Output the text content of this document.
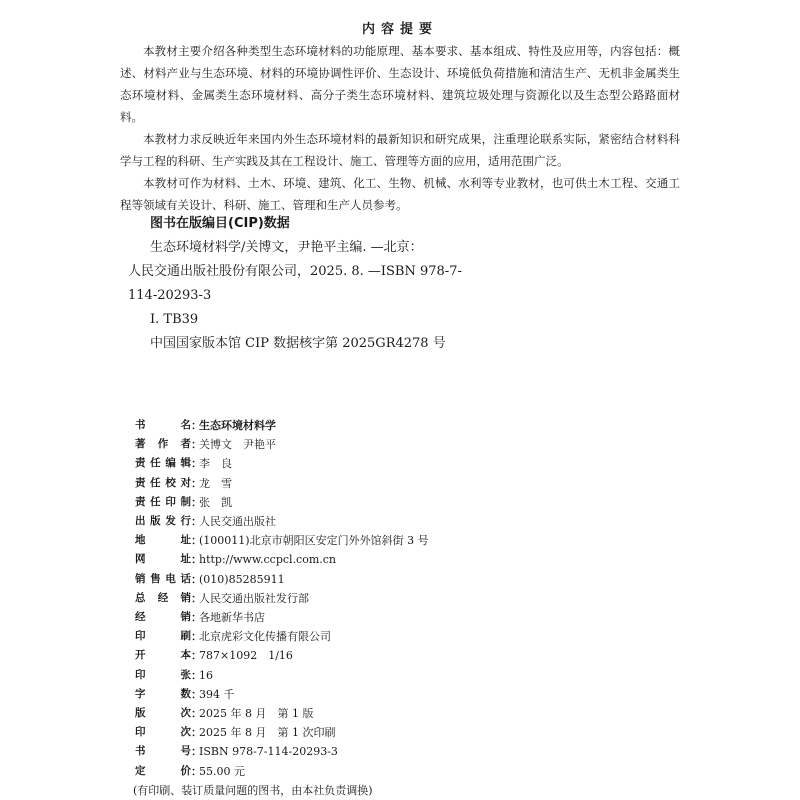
内容提要

本教材主要介绍各种类型生态环境材料的功能原理、基本要求、基本组成、特性及应用等，内容包括：概述、材料产业与生态环境、材料的环境协调性评价、生态设计、环境低负荷措施和清洁生产、无机非金属类生态环境材料、金属类生态环境材料、高分子类生态环境材料、建筑垃圾处理与资源化以及生态型公路路面材料。

本教材力求反映近年来国内外生态环境材料的最新知识和研究成果，注重理论联系实际，紧密结合材料科学与工程的科研、生产实践及其在工程设计、施工、管理等方面的应用，适用范围广泛。

本教材可作为材料、土木、环境、建筑、化工、生物、机械、水利等专业教材，也可供土木工程、交通工程等领域有关设计、科研、施工、管理和生产人员参考。

图书在版编目(CIP)数据
生态环境材料学/关博文，尹艳平主编. —北京：
人民交通出版社股份有限公司，2025. 8. —ISBN 978-7-
114-20293-3
Ⅰ. TB39
中国国家版本馆 CIP 数据核字第 2025GR4278 号
书	名 ：
生态环境材料学
著 作 者 ：
关博文　尹艳平
责 任 编 辑 ：
李　良
责 任 校 对 ：
龙　雪
责 任 印 制 ：
张　凯
出 版 发 行 ：
人民交通出版社
地	址 ：
(100011)北京市朝阳区安定门外外馆斜街 3 号
网	址 ：
http://www.ccpcl.com.cn
销 售 电 话 ：
(010)85285911
总 经 销 ：
人民交通出版社发行部
经	销 ：
各地新华书店
印	刷 ：
北京虎彩文化传播有限公司
开	本 ：
787×1092　1/16
印	张 ：
16
字	数 ：
394 千
版	次 ：
2025 年 8 月　第 1 版
印	次 ：
2025 年 8 月　第 1 次印刷
书	号 ：
ISBN 978-7-114-20293-3
定	价 ：
55.00 元
(有印刷、装订质量问题的图书，由本社负责调换)
